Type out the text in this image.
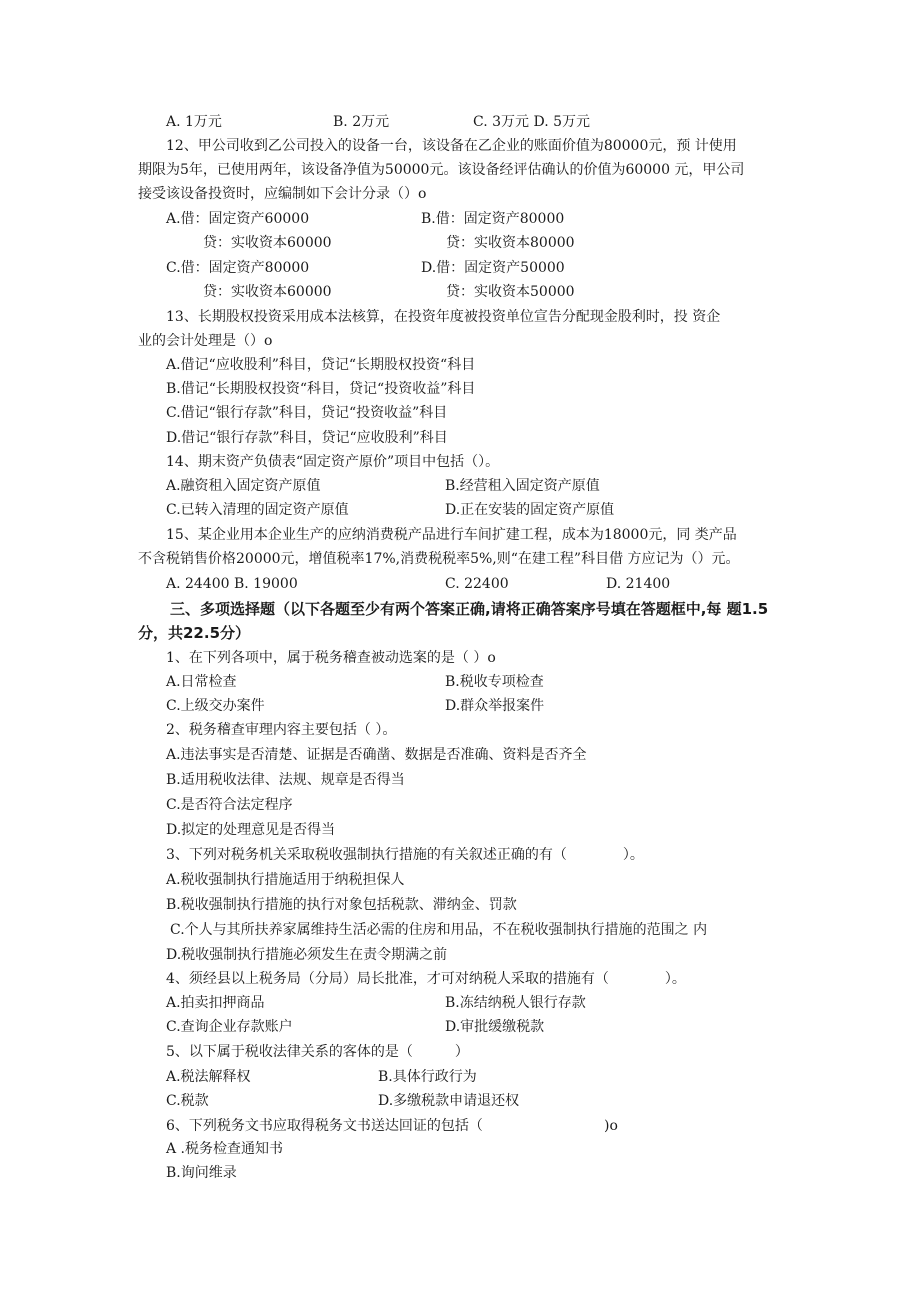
A. 1万元	B. 2万元	C. 3万元 D. 5万元
12、甲公司收到乙公司投入的设备一台，该设备在乙企业的账面价值为80000元，预 计使用
期限为5年，已使用两年，该设备净值为50000元。该设备经评估确认的价值为60000 元，甲公司
接受该设备投资时，应编制如下会计分录（）o
A.借：固定资产60000	B.借：固定资产80000
贷：实收资本60000	贷：实收资本80000
C.借：固定资产80000	D.借：固定资产50000
贷：实收资本60000	贷：实收资本50000
13、长期股权投资采用成本法核算，在投资年度被投资单位宣告分配现金股利时，投 资企
业的会计处理是（）o
A.借记“应收股利”科目，贷记“长期股权投资“科目
B.借记“长期股权投资“科目，贷记“投资收益”科目
C.借记“银行存款”科目，贷记“投资收益”科目
D.借记“银行存款”科目，贷记“应收股利”科目
14、期末资产负债表“固定资产原价”项目中包括（）。
A.融资租入固定资产原值	B.经营租入固定资产原值
C.已转入清理的固定资产原值	D.正在安装的固定资产原值
15、某企业用本企业生产的应纳消费税产品进行车间扩建工程，成本为18000元，同 类产品
不含税销售价格20000元，增值税率17%,消费税税率5%,则“在建工程”科目借 方应记为（）元。
A. 24400 B. 19000	C. 22400	D. 21400
三、多项选择题（以下各题至少有两个答案正确,请将正确答案序号填在答题框中,每 题1.5
分，共22.5分）
1、在下列各项中，属于税务稽查被动选案的是（ ）o
A.日常检查	B.税收专项检查
C.上级交办案件	D.群众举报案件
2、税务稽查审理内容主要包括（ ）。
A.违法事实是否清楚、证据是否确凿、数据是否准确、资料是否齐全
B.适用税收法律、法规、规章是否得当
C.是否符合法定程序
D.拟定的处理意见是否得当
3、下列对税务机关采取税收强制执行措施的有关叙述正确的有（　　　　）。
A.税收强制执行措施适用于纳税担保人
B.税收强制执行措施的执行对象包括税款、滞纳金、罚款
C.个人与其所扶养家属维持生活必需的住房和用品，不在税收强制执行措施的范围之 内
D.税收强制执行措施必须发生在责令期满之前
4、须经县以上税务局（分局）局长批准，才可对纳税人采取的措施有（　　　　）。
A.拍卖扣押商品	B.冻结纳税人银行存款
C.查询企业存款账户	D.审批缓缴税款
5、以下属于税收法律关系的客体的是（　　　）
A.税法解释权	B.具体行政行为
C.税款	D.多缴税款申请退还权
6、下列税务文书应取得税务文书送达回证的包括（	)o
A .税务检查通知书
B.询问维录
